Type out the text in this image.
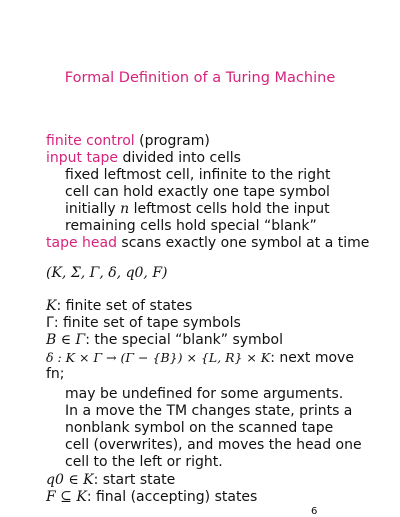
Formal Definition of a Turing Machine
finite control (program)
input tape divided into cells
fixed leftmost cell, infinite to the right
cell can hold exactly one tape symbol
initially n leftmost cells hold the input
remaining cells hold special “blank”
tape head scans exactly one symbol at a time
(K, Σ, Γ, δ, q0, F)
K: finite set of states
Γ: finite set of tape symbols
B ∈ Γ: the special “blank” symbol
δ : K × Γ → (Γ − {B}) × {L, R} × K: next move
fn;
may be undefined for some arguments.
In a move the TM changes state, prints a
nonblank symbol on the scanned tape
cell (overwrites), and moves the head one
cell to the left or right.
q0 ∈ K: start state
F ⊆ K: final (accepting) states
6
